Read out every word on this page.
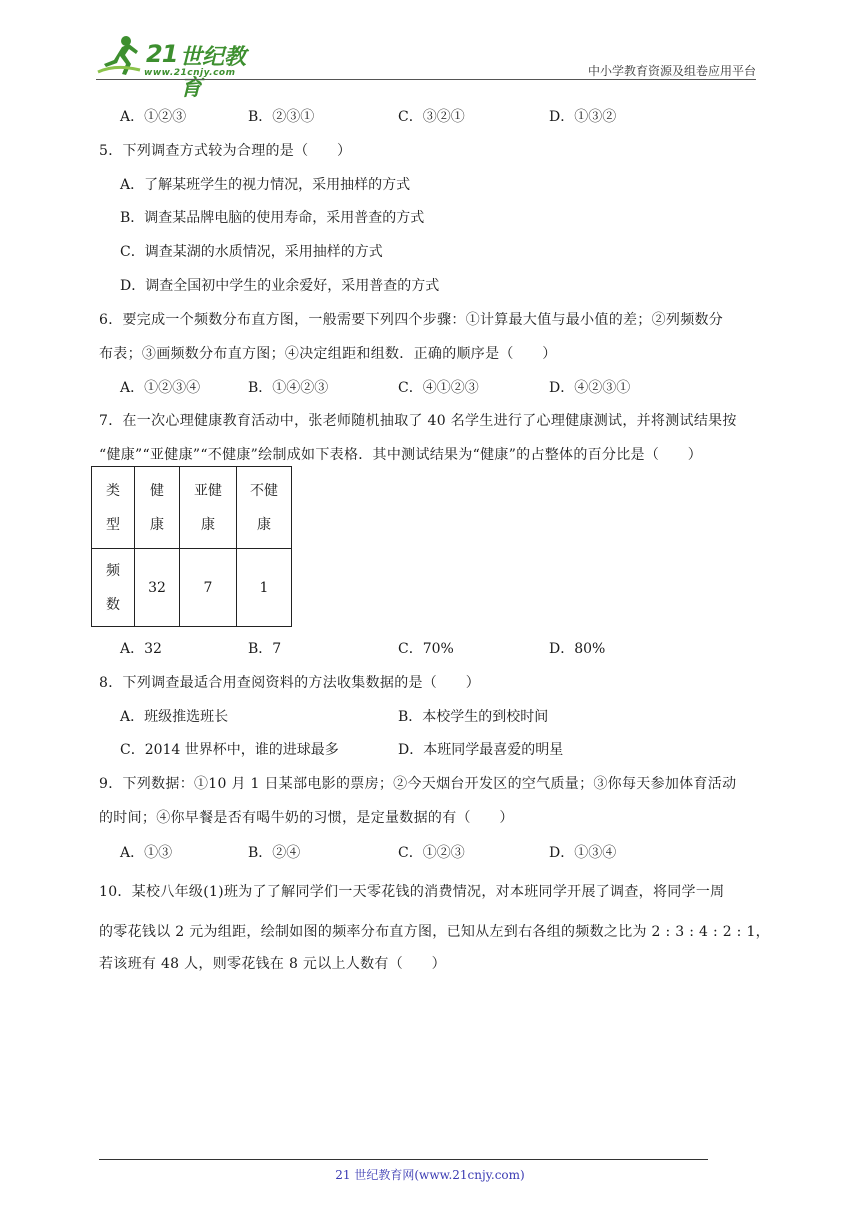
21 世纪教育
www.21cnjy.com	中小学教育资源及组卷应用平台
A．①②③	B．②③①	C．③②①	D．①③②
5．下列调查方式较为合理的是（　　）
A．了解某班学生的视力情况，采用抽样的方式
B．调查某品牌电脑的使用寿命，采用普查的方式
C．调查某湖的水质情况，采用抽样的方式
D．调查全国初中学生的业余爱好，采用普查的方式
6．要完成一个频数分布直方图，一般需要下列四个步骤：①计算最大值与最小值的差；②列频数分
布表；③画频数分布直方图；④决定组距和组数．正确的顺序是（　　）
A．①②③④	B．①④②③	C．④①②③	D．④②③①
7．在一次心理健康教育活动中，张老师随机抽取了 40 名学生进行了心理健康测试，并将测试结果按
“健康”“亚健康”“不健康”绘制成如下表格．其中测试结果为“健康”的占整体的百分比是（　　）
类型	健康	亚健康	不健康

频数	32	7	1
A．32	B．7	C．70%	D．80%
8．下列调查最适合用查阅资料的方法收集数据的是（　　）
A．班级推选班长	B．本校学生的到校时间
C．2014 世界杯中，谁的进球最多	D．本班同学最喜爱的明星
9．下列数据：①10 月 1 日某部电影的票房；②今天烟台开发区的空气质量；③你每天参加体育活动
的时间；④你早餐是否有喝牛奶的习惯，是定量数据的有（　　）
A．①③	B．②④	C．①②③	D．①③④
10．某校八年级(1)班为了了解同学们一天零花钱的消费情况，对本班同学开展了调查，将同学一周
的零花钱以 2 元为组距，绘制如图的频率分布直方图，已知从左到右各组的频数之比为 2 : 3 : 4 : 2 : 1，
若该班有 48 人，则零花钱在 8 元以上人数有（　　）
21 世纪教育网(www.21cnjy.com)
